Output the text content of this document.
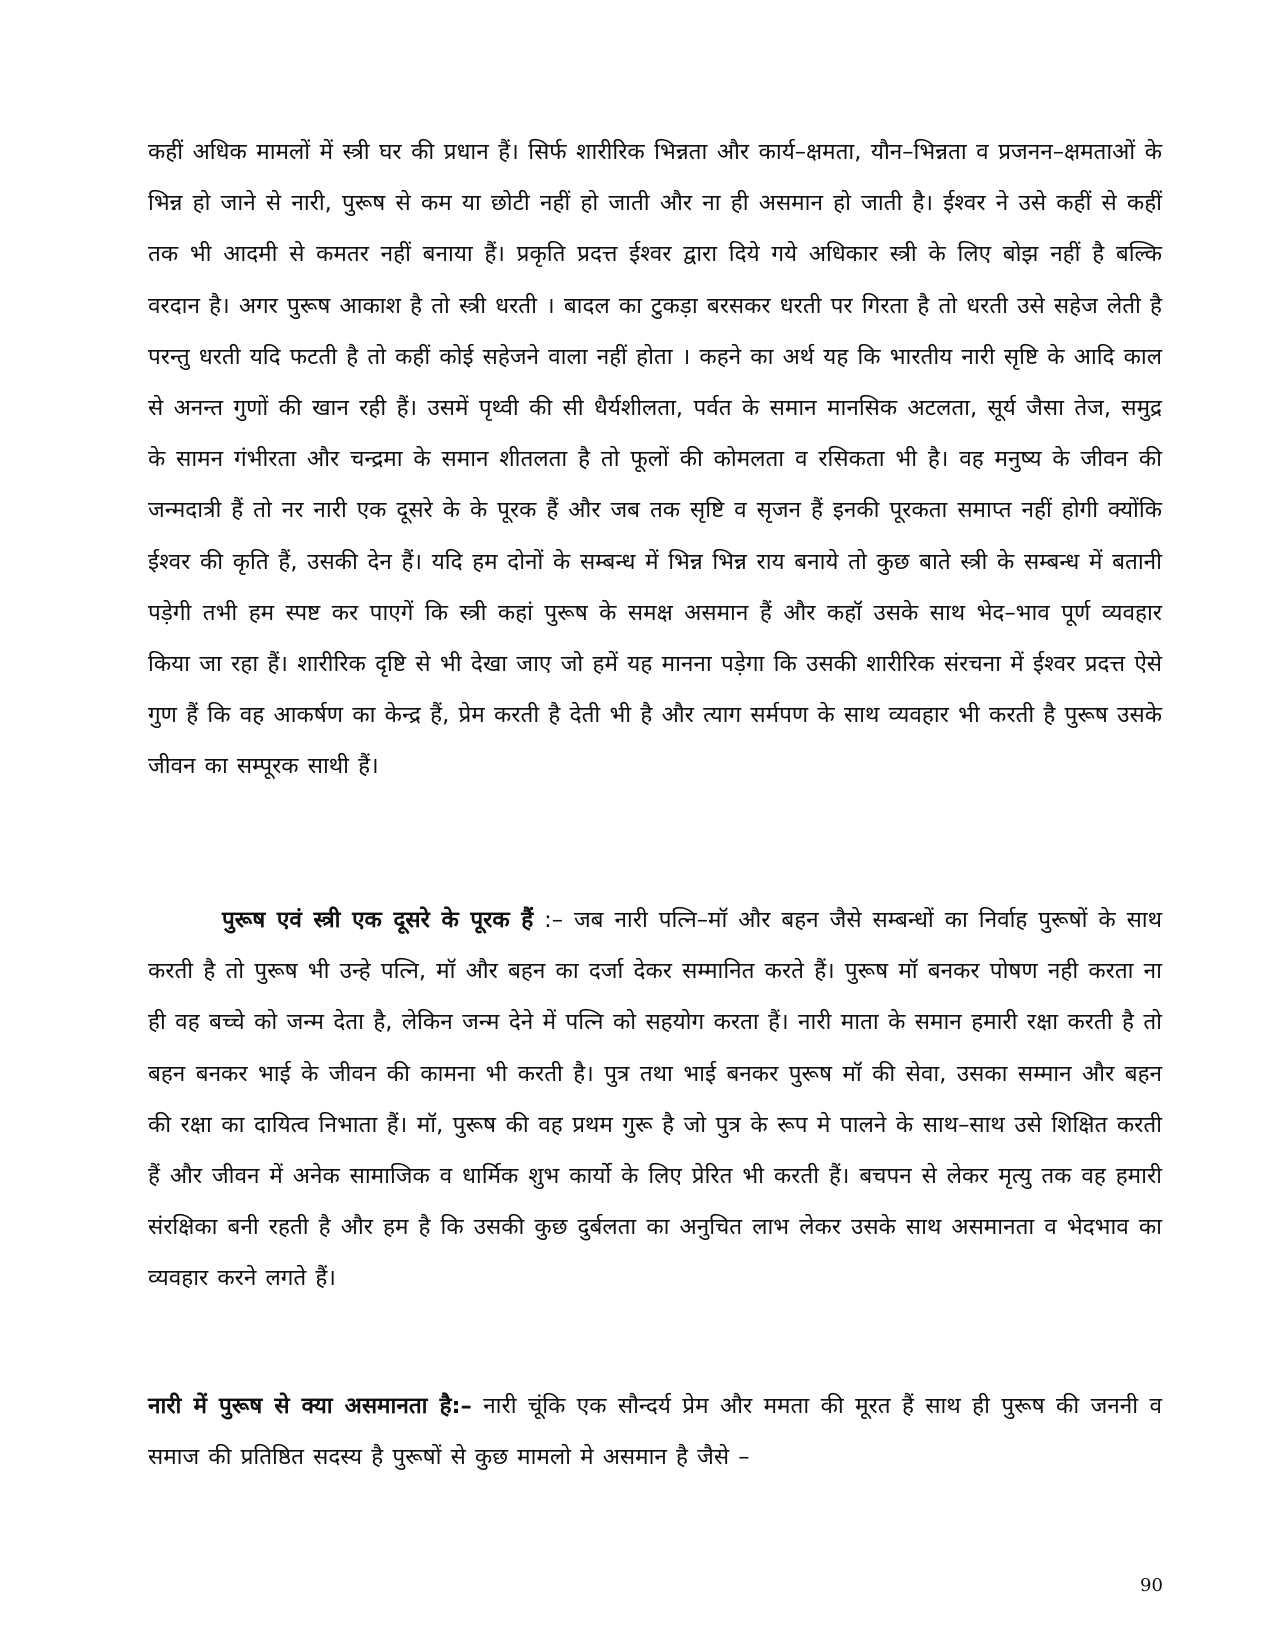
कहीं अधिक मामलों में स्त्री घर की प्रधान हैं। सिर्फ शारीरिक भिन्नता और कार्य–क्षमता, यौन–भिन्नता व प्रजनन–क्षमताओं के भिन्न हो जाने से नारी, पुरूष से कम या छोटी नहीं हो जाती और ना ही असमान हो जाती है। ईश्वर ने उसे कहीं से कहीं तक भी आदमी से कमतर नहीं बनाया हैं। प्रकृति प्रदत्त ईश्वर द्वारा दिये गये अधिकार स्त्री के लिए बोझ नहीं है बल्कि वरदान है। अगर पुरूष आकाश है तो स्त्री धरती । बादल का टुकड़ा बरसकर धरती पर गिरता है तो धरती उसे सहेज लेती है परन्तु धरती यदि फटती है तो कहीं कोई सहेजने वाला नहीं होता । कहने का अर्थ यह कि भारतीय नारी सृष्टि के आदि काल से अनन्त गुणों की खान रही हैं। उसमें पृथ्वी की सी धैर्यशीलता, पर्वत के समान मानसिक अटलता, सूर्य जैसा तेज, समुद्र के सामन गंभीरता और चन्द्रमा के समान शीतलता है तो फूलों की कोमलता व रसिकता भी है। वह मनुष्य के जीवन की जन्मदात्री हैं तो नर नारी एक दूसरे के के पूरक हैं और जब तक सृष्टि व सृजन हैं इनकी पूरकता समाप्त नहीं होगी क्योंकि ईश्वर की कृति हैं, उसकी देन हैं। यदि हम दोनों के सम्बन्ध में भिन्न भिन्न राय बनाये तो कुछ बाते स्त्री के सम्बन्ध में बतानी पड़ेगी तभी हम स्पष्ट कर पाएगें कि स्त्री कहां पुरूष के समक्ष असमान हैं और कहॉ उसके साथ भेद–भाव पूर्ण व्यवहार किया जा रहा हैं। शारीरिक दृष्टि से भी देखा जाए जो हमें यह मानना पड़ेगा कि उसकी शारीरिक संरचना में ईश्वर प्रदत्त ऐसे गुण हैं कि वह आकर्षण का केन्द्र हैं, प्रेम करती है देती भी है और त्याग सर्मपण के साथ व्यवहार भी करती है पुरूष उसके जीवन का सम्पूरक साथी हैं।

पुरूष एवं स्त्री एक दूसरे के पूरक हैं :– जब नारी पत्नि–मॉ और बहन जैसे सम्बन्धों का निर्वाह पुरूषों के साथ करती है तो पुरूष भी उन्हे पत्नि, मॉ और बहन का दर्जा देकर सम्मानित करते हैं। पुरूष मॉ बनकर पोषण नही करता ना ही वह बच्चे को जन्म देता है, लेकिन जन्म देने में पत्नि को सहयोग करता हैं। नारी माता के समान हमारी रक्षा करती है तो बहन बनकर भाई के जीवन की कामना भी करती है। पुत्र तथा भाई बनकर पुरूष मॉ की सेवा, उसका सम्मान और बहन की रक्षा का दायित्व निभाता हैं। मॉ, पुरूष की वह प्रथम गुरू है जो पुत्र के रूप मे पालने के साथ–साथ उसे शिक्षित करती हैं और जीवन में अनेक सामाजिक व धार्मिक शुभ कार्यो के लिए प्रेरित भी करती हैं। बचपन से लेकर मृत्यु तक वह हमारी संरक्षिका बनी रहती है और हम है कि उसकी कुछ दुर्बलता का अनुचित लाभ लेकर उसके साथ असमानता व भेदभाव का व्यवहार करने लगते हैं।

नारी में पुरूष से क्या असमानता है:– नारी चूंकि एक सौन्दर्य प्रेम और ममता की मूरत हैं साथ ही पुरूष की जननी व समाज की प्रतिष्ठित सदस्य है पुरूषों से कुछ मामलो मे असमान है जैसे –

90
